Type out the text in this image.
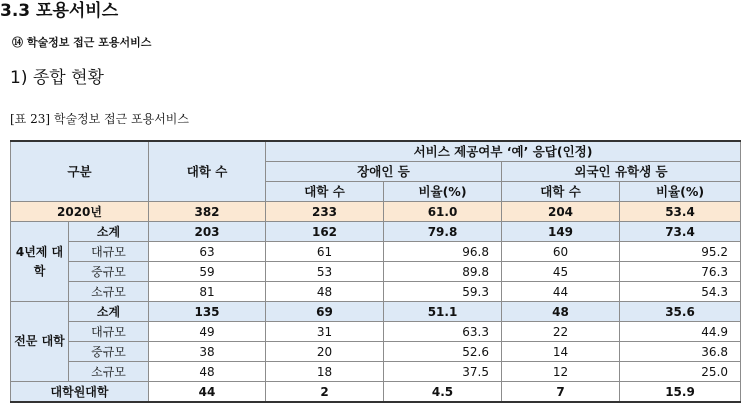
3.3 포용서비스
⑭ 학술정보 접근 포용서비스
1) 종합 현황
[표 23] 학술정보 접근 포용서비스
구분		대학 수	서비스 제공여부 ‘예’ 응답(인정)			
			장애인 등		외국인 유학생 등	
			대학 수	비율(%)	대학 수	비율(%)
2020년		382	233	61.0	204	53.4
4년제 대학	소계	203	162	79.8	149	73.4
	대규모	63	61	96.8	60	95.2
	중규모	59	53	89.8	45	76.3
	소규모	81	48	59.3	44	54.3
전문 대학	소계	135	69	51.1	48	35.6
	대규모	49	31	63.3	22	44.9
	중규모	38	20	52.6	14	36.8
	소규모	48	18	37.5	12	25.0
대학원대학		44	2	4.5	7	15.9
